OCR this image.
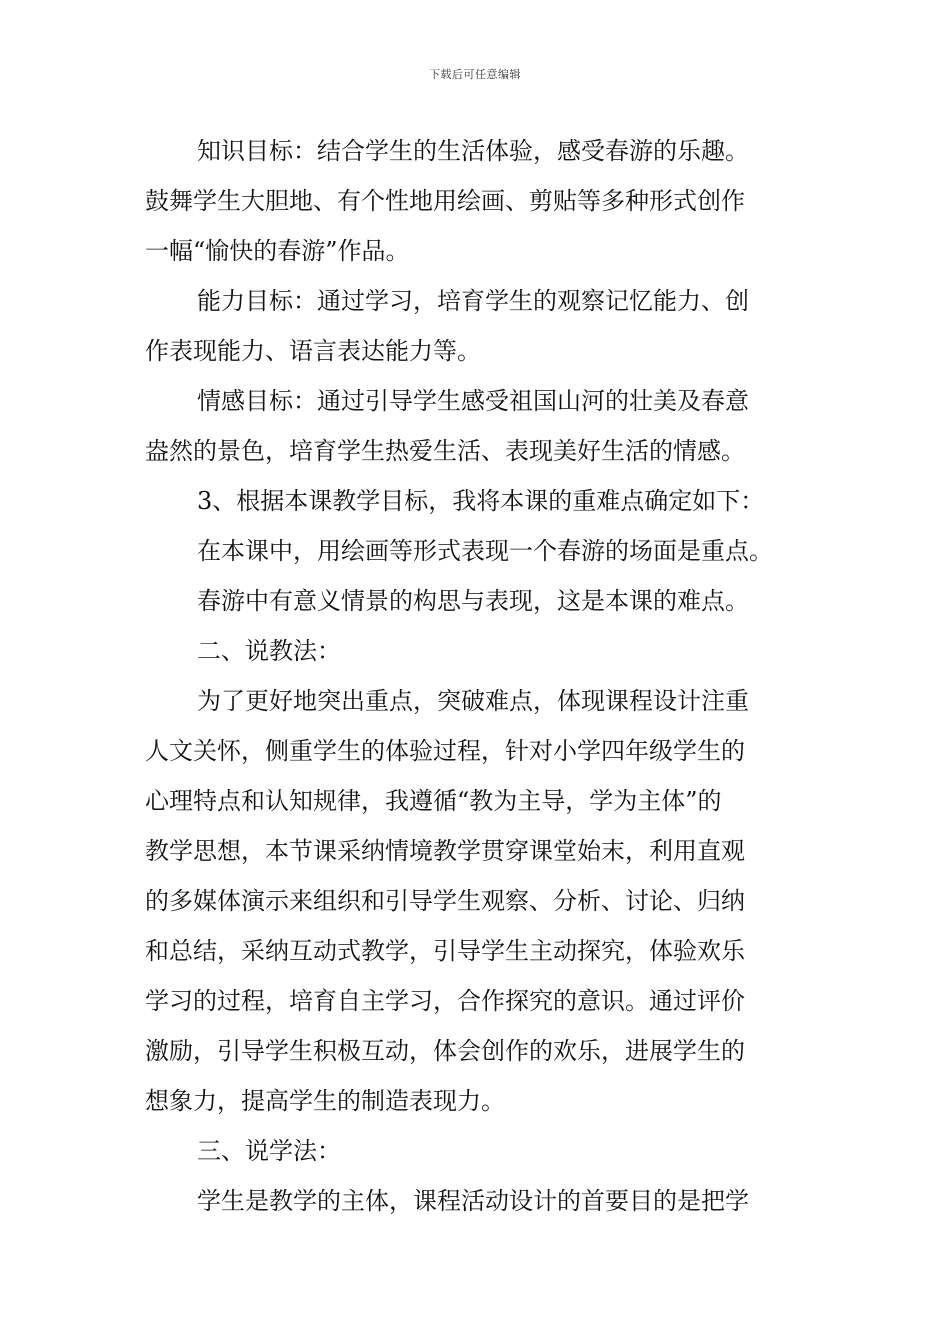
下载后可任意编辑
知识目标：结合学生的生活体验，感受春游的乐趣。
鼓舞学生大胆地、有个性地用绘画、剪贴等多种形式创作
一幅“愉快的春游”作品。
能力目标：通过学习，培育学生的观察记忆能力、创
作表现能力、语言表达能力等。
情感目标：通过引导学生感受祖国山河的壮美及春意
盎然的景色，培育学生热爱生活、表现美好生活的情感。
3、根据本课教学目标，我将本课的重难点确定如下：
在本课中，用绘画等形式表现一个春游的场面是重点。
春游中有意义情景的构思与表现，这是本课的难点。
二、说教法：
为了更好地突出重点，突破难点，体现课程设计注重
人文关怀，侧重学生的体验过程，针对小学四年级学生的
心理特点和认知规律，我遵循“教为主导，学为主体”的
教学思想，本节课采纳情境教学贯穿课堂始末，利用直观
的多媒体演示来组织和引导学生观察、分析、讨论、归纳
和总结，采纳互动式教学，引导学生主动探究，体验欢乐
学习的过程，培育自主学习，合作探究的意识。通过评价
激励，引导学生积极互动，体会创作的欢乐，进展学生的
想象力，提高学生的制造表现力。
三、说学法：
学生是教学的主体，课程活动设计的首要目的是把学
